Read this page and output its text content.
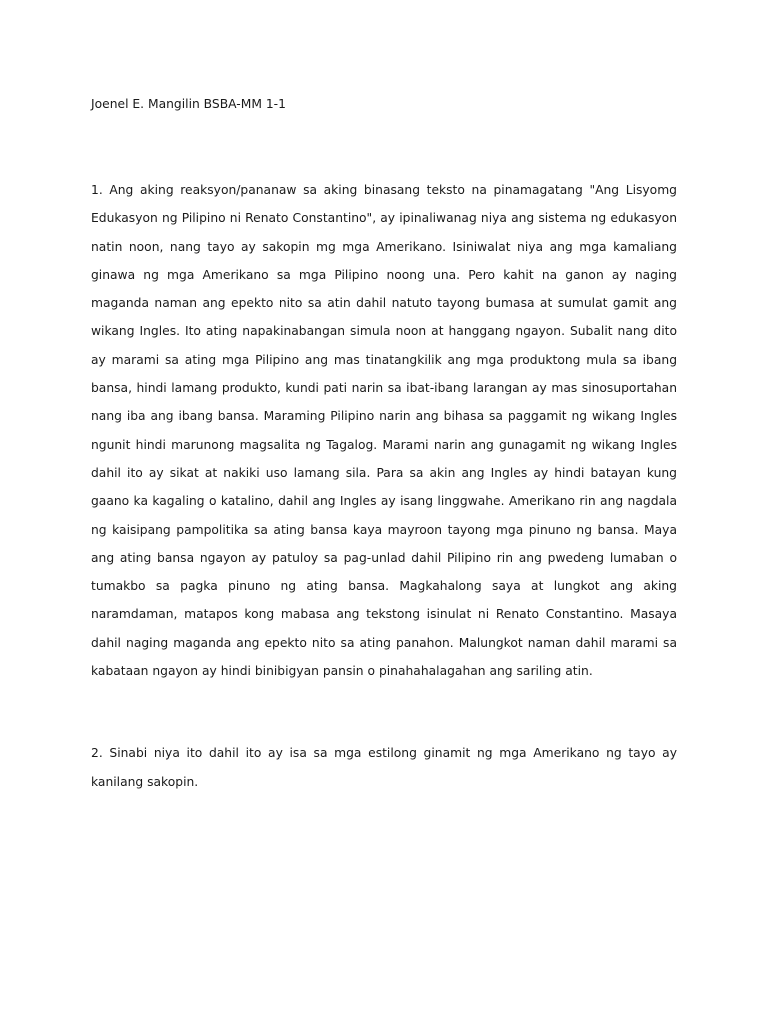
Joenel E. Mangilin BSBA-MM 1-1

1. Ang aking reaksyon/pananaw sa aking binasang teksto na pinamagatang "Ang Lisyomg Edukasyon ng Pilipino ni Renato Constantino", ay ipinaliwanag niya ang sistema ng edukasyon natin noon, nang tayo ay sakopin mg mga Amerikano. Isiniwalat niya ang mga kamaliang ginawa ng mga Amerikano sa mga Pilipino noong una. Pero kahit na ganon ay naging maganda naman ang epekto nito sa atin dahil natuto tayong bumasa at sumulat gamit ang wikang Ingles. Ito ating napakinabangan simula noon at hanggang ngayon. Subalit nang dito ay marami sa ating mga Pilipino ang mas tinatangkilik ang mga produktong mula sa ibang bansa, hindi lamang produkto, kundi pati narin sa ibat-ibang larangan ay mas sinosuportahan nang iba ang ibang bansa. Maraming Pilipino narin ang bihasa sa paggamit ng wikang Ingles ngunit hindi marunong magsalita ng Tagalog. Marami narin ang gunagamit ng wikang Ingles dahil ito ay sikat at nakiki uso lamang sila. Para sa akin ang Ingles ay hindi batayan kung gaano ka kagaling o katalino, dahil ang Ingles ay isang linggwahe. Amerikano rin ang nagdala ng kaisipang pampolitika sa ating bansa kaya mayroon tayong mga pinuno ng bansa. Maya ang ating bansa ngayon ay patuloy sa pag-unlad dahil Pilipino rin ang pwedeng lumaban o tumakbo sa pagka pinuno ng ating bansa. Magkahalong saya at lungkot ang aking naramdaman, matapos kong mabasa ang tekstong isinulat ni Renato Constantino. Masaya dahil naging maganda ang epekto nito sa ating panahon. Malungkot naman dahil marami sa kabataan ngayon ay hindi binibigyan pansin o pinahahalagahan ang sariling atin.

2. Sinabi niya ito dahil ito ay isa sa mga estilong ginamit ng mga Amerikano ng tayo ay kanilang sakopin.
